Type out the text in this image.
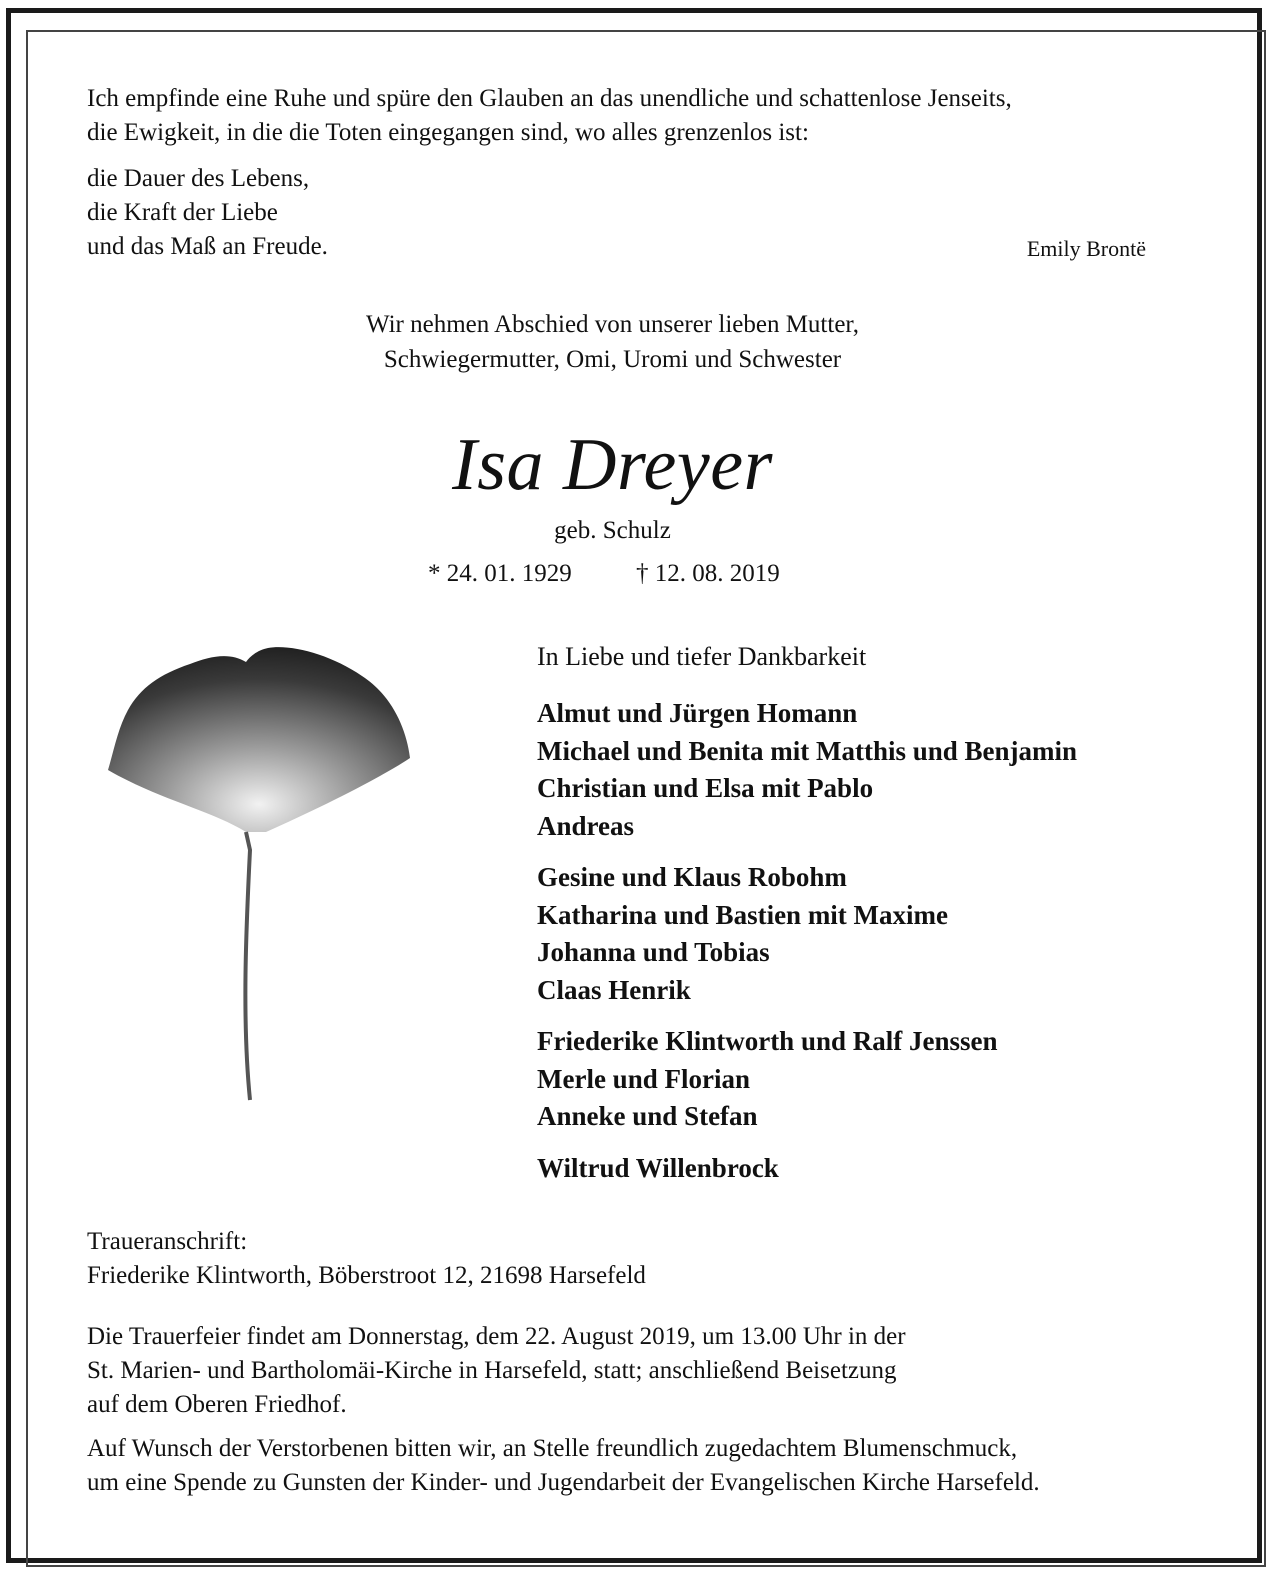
Ich empfinde eine Ruhe und spüre den Glauben an das unendliche und schattenlose Jenseits,
die Ewigkeit, in die die Toten eingegangen sind, wo alles grenzenlos ist:
die Dauer des Lebens,
die Kraft der Liebe
und das Maß an Freude.	Emily Brontë
Wir nehmen Abschied von unserer lieben Mutter,
Schwiegermutter, Omi, Uromi und Schwester
Isa Dreyer
geb. Schulz
* 24. 01. 1929	† 12. 08. 2019
In Liebe und tiefer Dankbarkeit
Almut und Jürgen Homann
Michael und Benita mit Matthis und Benjamin
Christian und Elsa mit Pablo
Andreas
Gesine und Klaus Robohm
Katharina und Bastien mit Maxime
Johanna und Tobias
Claas Henrik
Friederike Klintworth und Ralf Jenssen
Merle und Florian
Anneke und Stefan
Wiltrud Willenbrock
Traueranschrift:
Friederike Klintworth, Böberstroot 12, 21698 Harsefeld
Die Trauerfeier findet am Donnerstag, dem 22. August 2019, um 13.00 Uhr in der
St. Marien- und Bartholomäi-Kirche in Harsefeld, statt; anschließend Beisetzung
auf dem Oberen Friedhof.
Auf Wunsch der Verstorbenen bitten wir, an Stelle freundlich zugedachtem Blumenschmuck,
um eine Spende zu Gunsten der Kinder- und Jugendarbeit der Evangelischen Kirche Harsefeld.
